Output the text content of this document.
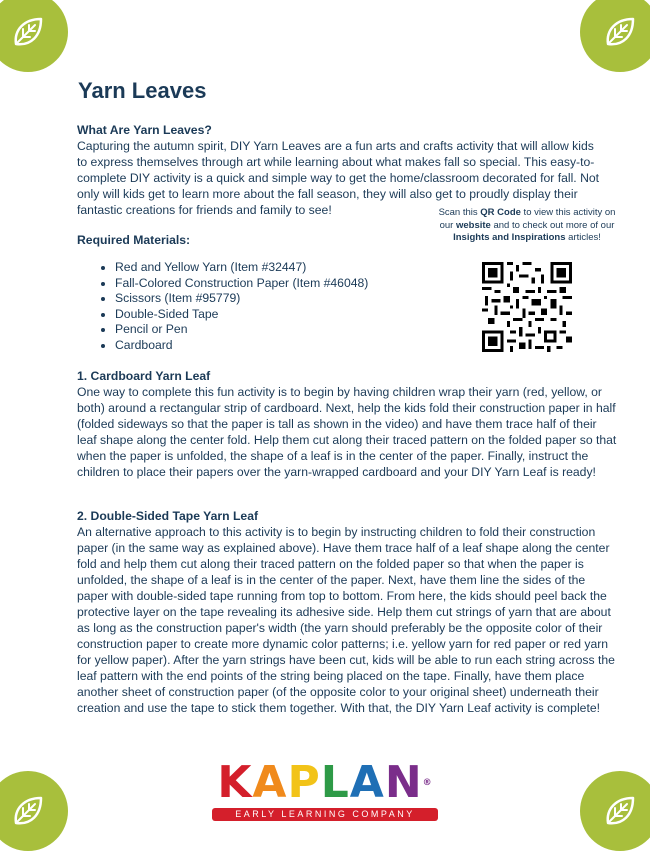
Yarn Leaves

What Are Yarn Leaves?

Capturing the autumn spirit, DIY Yarn Leaves are a fun arts and crafts activity that will allow kids to express themselves through art while learning about what makes fall so special. This easy-to-complete DIY activity is a quick and simple way to get the home/classroom decorated for fall. Not only will kids get to learn more about the fall season, they will also get to proudly display their fantastic creations for friends and family to see!	Scan this QR Code to view this activity on our website and to check out more of our Insights and Inspirations articles!

Required Materials:

• Red and Yellow Yarn (Item #32447)
• Fall-Colored Construction Paper (Item #46048)
• Scissors (Item #95779)
• Double-Sided Tape
• Pencil or Pen
• Cardboard

1. Cardboard Yarn Leaf

One way to complete this fun activity is to begin by having children wrap their yarn (red, yellow, or both) around a rectangular strip of cardboard. Next, help the kids fold their construction paper in half (folded sideways so that the paper is tall as shown in the video) and have them trace half of their leaf shape along the center fold. Help them cut along their traced pattern on the folded paper so that when the paper is unfolded, the shape of a leaf is in the center of the paper. Finally, instruct the children to place their papers over the yarn-wrapped cardboard and your DIY Yarn Leaf is ready!

2. Double-Sided Tape Yarn Leaf

An alternative approach to this activity is to begin by instructing children to fold their construction paper (in the same way as explained above). Have them trace half of a leaf shape along the center fold and help them cut along their traced pattern on the folded paper so that when the paper is unfolded, the shape of a leaf is in the center of the paper. Next, have them line the sides of the paper with double-sided tape running from top to bottom. From here, the kids should peel back the protective layer on the tape revealing its adhesive side. Help them cut strings of yarn that are about as long as the construction paper's width (the yarn should preferably be the opposite color of their construction paper to create more dynamic color patterns; i.e. yellow yarn for red paper or red yarn for yellow paper). After the yarn strings have been cut, kids will be able to run each string across the leaf pattern with the end points of the string being placed on the tape. Finally, have them place another sheet of construction paper (of the opposite color to your original sheet) underneath their creation and use the tape to stick them together. With that, the DIY Yarn Leaf activity is complete!

KAPLAN®
EARLY LEARNING COMPANY
